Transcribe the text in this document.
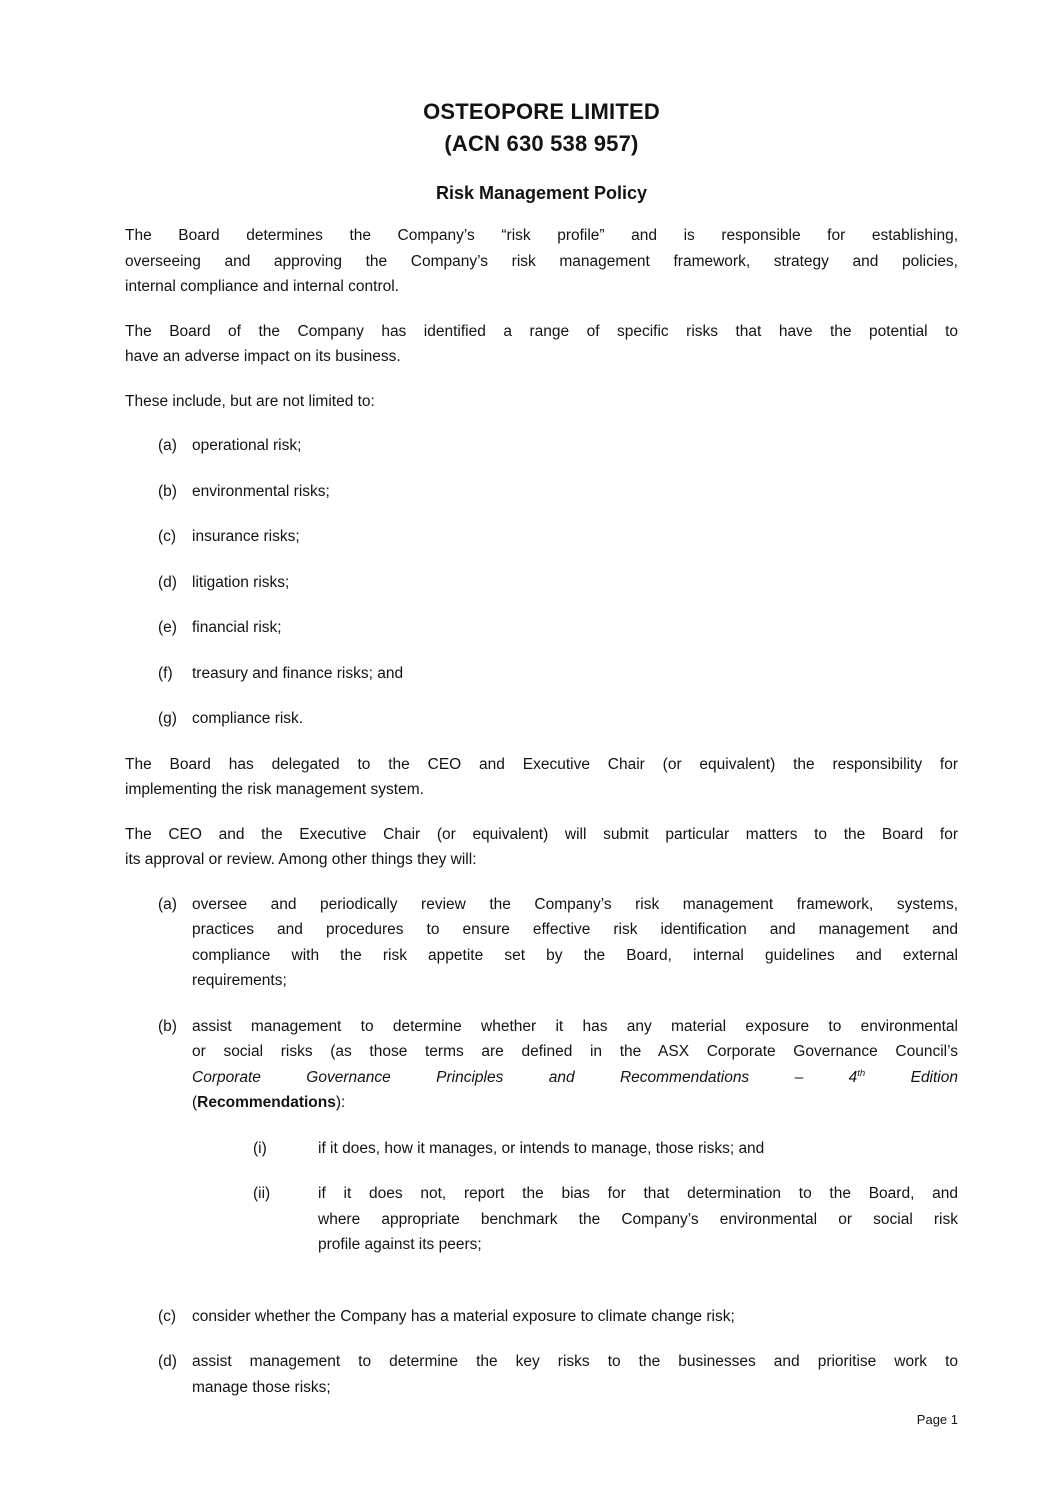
OSTEOPORE LIMITED
(ACN 630 538 957)
Risk Management Policy
The Board determines the Company’s “risk profile” and is responsible for establishing,
overseeing and approving the Company’s risk management framework, strategy and policies,
internal compliance and internal control.
The Board of the Company has identified a range of specific risks that have the potential to
have an adverse impact on its business.
These include, but are not limited to:
(a) operational risk;
(b) environmental risks;
(c)	insurance risks;
(d) litigation risks;
(e) financial risk;
(f)	treasury and finance risks; and
(g) compliance risk.
The Board has delegated to the CEO and Executive Chair (or equivalent) the responsibility for
implementing the risk management system.
The CEO and the Executive Chair (or equivalent) will submit particular matters to the Board for
its approval or review. Among other things they will:
(a) oversee and periodically review the Company’s risk management framework, systems,
practices and procedures to ensure effective risk identification and management and
compliance with the risk appetite set by the Board, internal guidelines and external
requirements;
(b) assist management to determine whether it has any material exposure to environmental
or social risks (as those terms are defined in the ASX Corporate Governance Council’s
Corporate Governance Principles and Recommendations – 4th Edition
(Recommendations):
(i)	if it does, how it manages, or intends to manage, those risks; and
(ii)	if it does not, report the bias for that determination to the Board, and
where appropriate benchmark the Company’s environmental or social risk
profile against its peers;
(c)	consider whether the Company has a material exposure to climate change risk;
(d) assist management to determine the key risks to the businesses and prioritise work to
manage those risks;
Page 1
